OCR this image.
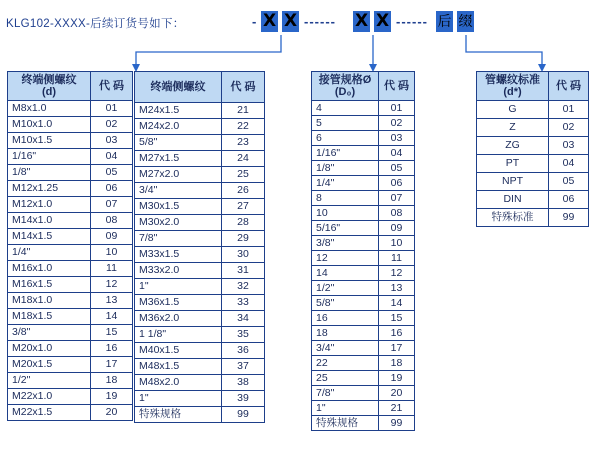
KLG102-XXXX-后续订货号如下：	- X X ------ X X ------ 后 缀
终端侧螺纹
(d)	代 码
M8x1.0	01
M10x1.0	02
M10x1.5	03
1/16"	04
1/8"	05
M12x1.25	06
M12x1.0	07
M14x1.0	08
M14x1.5	09
1/4"	10
M16x1.0	11
M16x1.5	12
M18x1.0	13
M18x1.5	14
3/8"	15
M20x1.0	16
M20x1.5	17
1/2"	18
M22x1.0	19
M22x1.5	20
终端侧螺纹	代 码
M24x1.5	21
M24x2.0	22
5/8"	23
M27x1.5	24
M27x2.0	25
3/4"	26
M30x1.5	27
M30x2.0	28
7/8"	29
M33x1.5	30
M33x2.0	31
1"	32
M36x1.5	33
M36x2.0	34
1 1/8"	35
M40x1.5	36
M48x1.5	37
M48x2.0	38
1"	39
特殊规格	99
接管规格Ø
(D₀)	代 码
4	01
5	02
6	03
1/16"	04
1/8"	05
1/4"	06
8	07
10	08
5/16"	09
3/8"	10
12	11
14	12
1/2"	13
5/8"	14
16	15
18	16
3/4"	17
22	18
25	19
7/8"	20
1"	21
特殊规格	99
管螺纹标准
(d*)	代 码
G	01
Z	02
ZG	03
PT	04
NPT	05
DIN	06
特殊标准	99
